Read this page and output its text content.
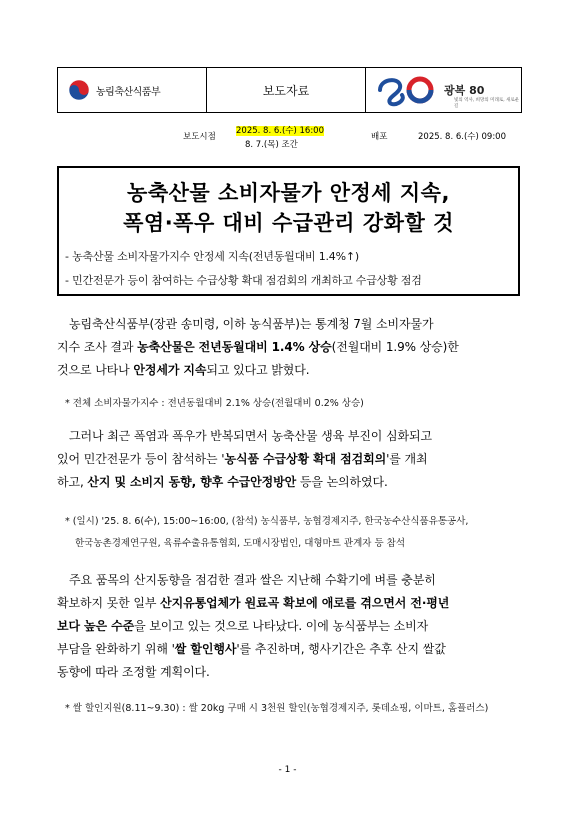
농림축산식품부	보도자료	광복 80
빛의 역사, 희망의 미래로, 새로운 길
보도시점
2025. 8. 6.(수) 16:00
8. 7.(목) 조간
배포	2025. 8. 6.(수) 09:00
농축산물 소비자물가 안정세 지속,
폭염·폭우 대비 수급관리 강화할 것
- 농축산물 소비자물가지수 안정세 지속(전년동월대비 1.4%↑)
- 민간전문가 등이 참여하는 수급상황 확대 점검회의 개최하고 수급상황 점검
농림축산식품부(장관 송미령, 이하 농식품부)는 통계청 7월 소비자물가
지수 조사 결과 농축산물은 전년동월대비 1.4% 상승(전월대비 1.9% 상승)한
것으로 나타나 안정세가 지속되고 있다고 밝혔다.
* 전체 소비자물가지수 : 전년동월대비 2.1% 상승(전월대비 0.2% 상승)
그러나 최근 폭염과 폭우가 반복되면서 농축산물 생육 부진이 심화되고
있어 민간전문가 등이 참석하는 '농식품 수급상황 확대 점검회의'를 개최
하고, 산지 및 소비지 동향, 향후 수급안정방안 등을 논의하였다.
* (일시) '25. 8. 6(수), 15:00~16:00, (참석) 농식품부, 농협경제지주, 한국농수산식품유통공사,
한국농촌경제연구원, 육류수출유통협회, 도매시장법인, 대형마트 관계자 등 참석
주요 품목의 산지동향을 점검한 결과 쌀은 지난해 수확기에 벼를 충분히
확보하지 못한 일부 산지유통업체가 원료곡 확보에 애로를 겪으면서 전·평년
보다 높은 수준을 보이고 있는 것으로 나타났다. 이에 농식품부는 소비자
부담을 완화하기 위해 '쌀 할인행사'를 추진하며, 행사기간은 추후 산지 쌀값
동향에 따라 조정할 계획이다.
* 쌀 할인지원(8.11~9.30) : 쌀 20kg 구매 시 3천원 할인(농협경제지주, 롯데쇼핑, 이마트, 홈플러스)
- 1 -
